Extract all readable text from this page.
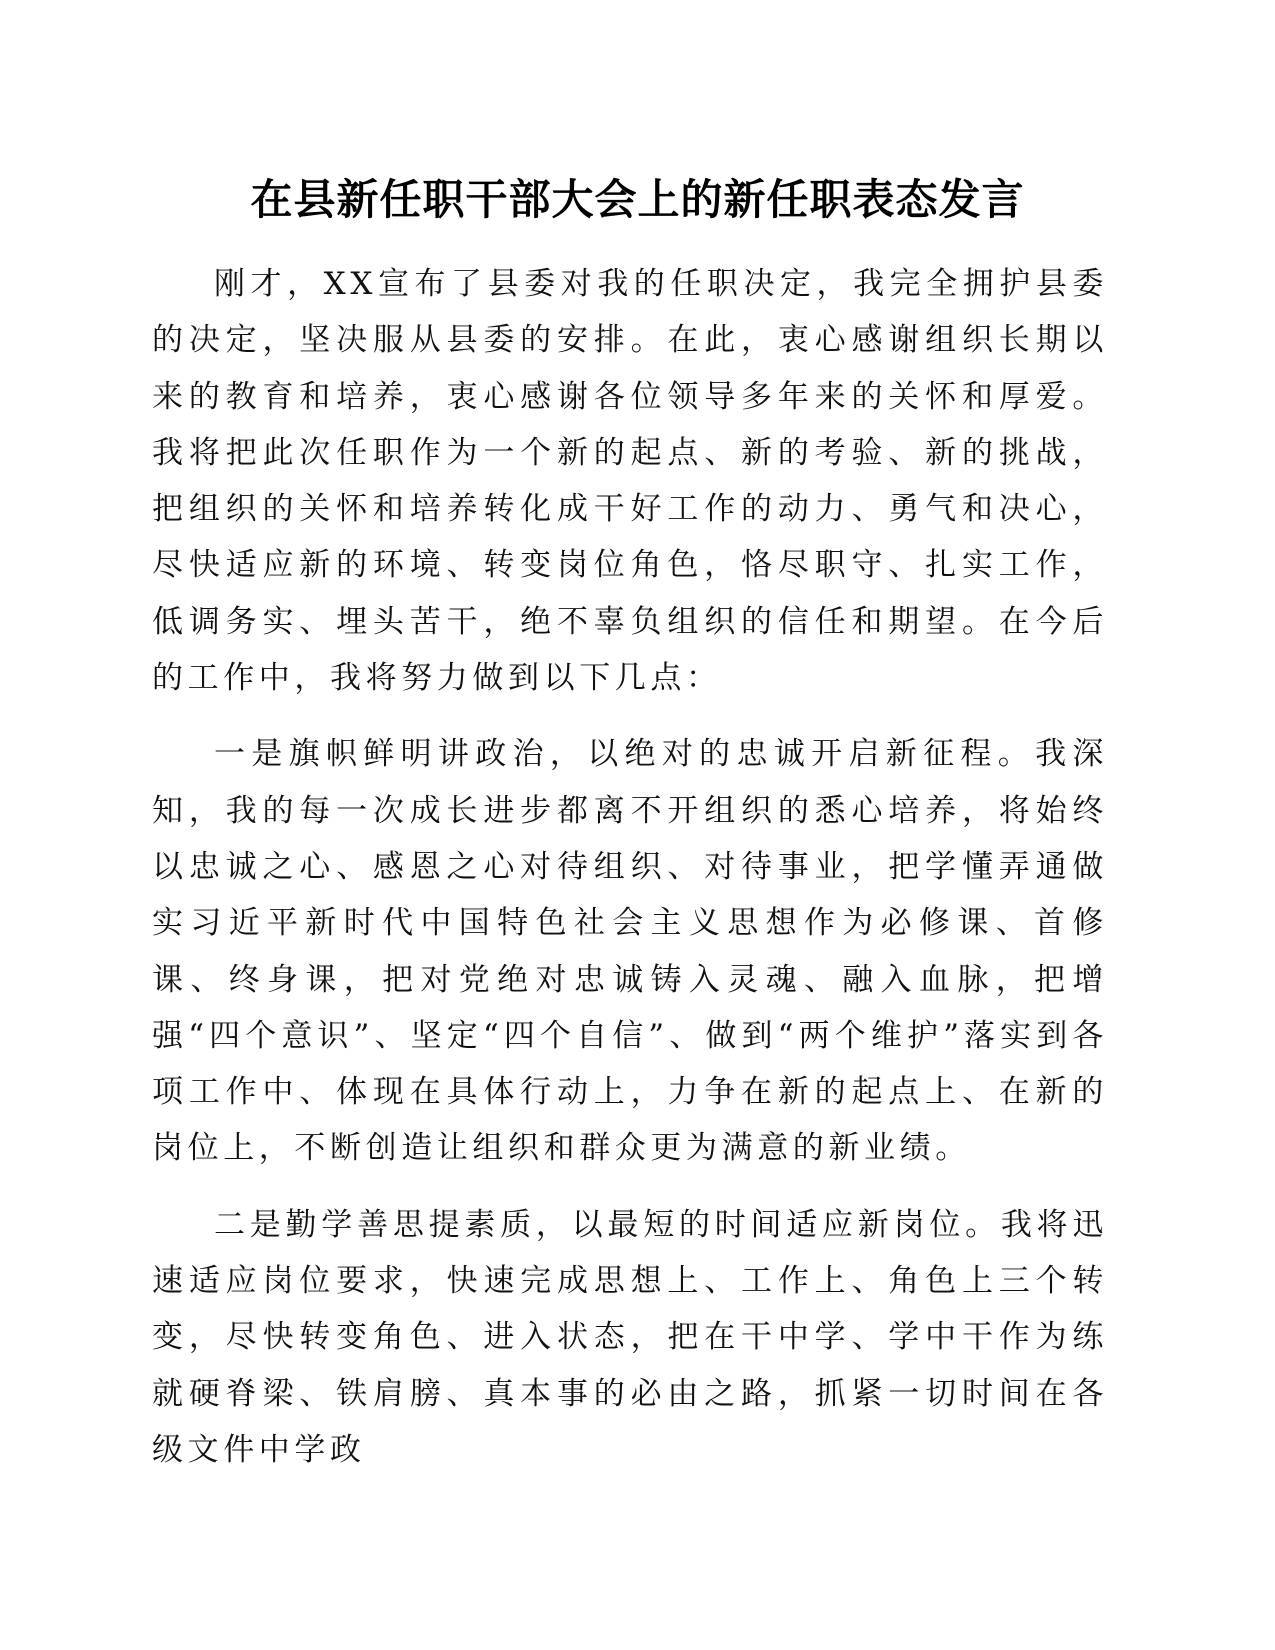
在县新任职干部大会上的新任职表态发言

刚才，XX宣布了县委对我的任职决定，我完全拥护县委的决定，坚决服从县委的安排。在此，衷心感谢组织长期以来的教育和培养，衷心感谢各位领导多年来的关怀和厚爱。我将把此次任职作为一个新的起点、新的考验、新的挑战，把组织的关怀和培养转化成干好工作的动力、勇气和决心，尽快适应新的环境、转变岗位角色，恪尽职守、扎实工作，低调务实、埋头苦干，绝不辜负组织的信任和期望。在今后的工作中，我将努力做到以下几点：

一是旗帜鲜明讲政治，以绝对的忠诚开启新征程。我深知，我的每一次成长进步都离不开组织的悉心培养，将始终以忠诚之心、感恩之心对待组织、对待事业，把学懂弄通做实习近平新时代中国特色社会主义思想作为必修课、首修课、终身课，把对党绝对忠诚铸入灵魂、融入血脉，把增强“四个意识”、坚定“四个自信”、做到“两个维护”落实到各项工作中、体现在具体行动上，力争在新的起点上、在新的岗位上，不断创造让组织和群众更为满意的新业绩。

二是勤学善思提素质，以最短的时间适应新岗位。我将迅速适应岗位要求，快速完成思想上、工作上、角色上三个转变，尽快转变角色、进入状态，把在干中学、学中干作为练就硬脊梁、铁肩膀、真本事的必由之路，抓紧一切时间在各级文件中学政
